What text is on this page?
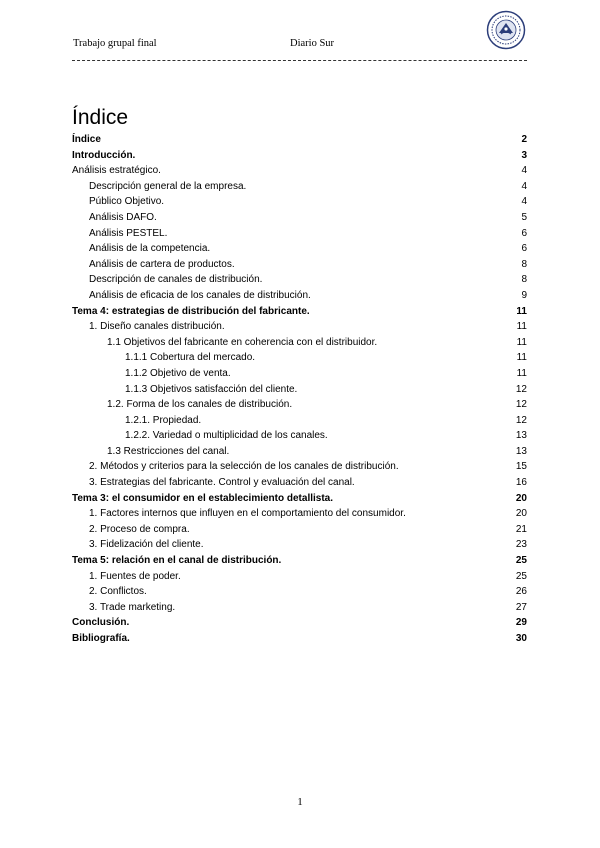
Trabajo grupal final	Diario Sur
Índice
Índice	2
Introducción.	3
Análisis estratégico.	4
Descripción general de la empresa.	4
Público Objetivo.	4
Análisis DAFO.	5
Análisis PESTEL.	6
Análisis de la competencia.	6
Análisis de cartera de productos.	8
Descripción de canales de distribución.	8
Análisis de eficacia de los canales de distribución.	9
Tema 4: estrategias de distribución del fabricante.	11
1. Diseño canales distribución.	11
1.1 Objetivos del fabricante en coherencia con el distribuidor.	11
1.1.1 Cobertura del mercado.	11
1.1.2 Objetivo de venta.	11
1.1.3 Objetivos satisfacción del cliente.	12
1.2. Forma de los canales de distribución.	12
1.2.1. Propiedad.	12
1.2.2. Variedad o multiplicidad de los canales.	13
1.3 Restricciones del canal.	13
2. Métodos y criterios para la selección de los canales de distribución.	15
3. Estrategias del fabricante. Control y evaluación del canal.	16
Tema 3: el consumidor en el establecimiento detallista.	20
1. Factores internos que influyen en el comportamiento del consumidor.	20
2. Proceso de compra.	21
3. Fidelización del cliente.	23
Tema 5: relación en el canal de distribución.	25
1. Fuentes de poder.	25
2. Conflictos.	26
3. Trade marketing.	27
Conclusión.	29
Bibliografía.	30
1
